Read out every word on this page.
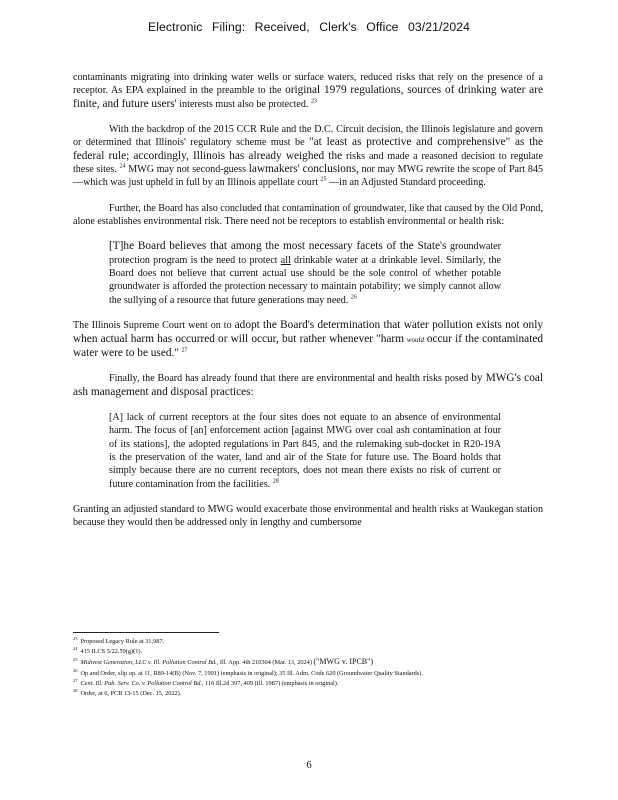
Electronic Filing: Received, Clerk's Office 03/21/2024

contaminants migrating into drinking water wells or surface waters, reduced risks that rely on the presence of a receptor. As EPA explained in the preamble to the original 1979 regulations, sources of drinking water are finite, and future users' interests must also be protected. $^{23}$

With the backdrop of the 2015 CCR Rule and the D.C. Circuit decision, the Illinois legislature and govern or determined that Illinois' regulatory scheme must be "at least as protective and comprehensive" as the federal rule; accordingly, Illinois has already weighed the risks and made a reasoned decision to regulate these sites. $^{24}$ MWG may not second-guess lawmakers' conclusions, nor may MWG rewrite the scope of Part 845 —which was just upheld in full by an Illinois appellate court $^{25}$ —in an Adjusted Standard proceeding.

Further, the Board has also concluded that contamination of groundwater, like that caused by the Old Pond, alone establishes environmental risk. There need not be receptors to establish environmental or health risk:

[T]he Board believes that among the most necessary facets of the State's groundwater protection program is the need to protect all drinkable water at a drinkable level. Similarly, the Board does not believe that current actual use should be the sole control of whether potable groundwater is afforded the protection necessary to maintain potability; we simply cannot allow the sullying of a resource that future generations may need. $^{26}$

The Illinois Supreme Court went on to adopt the Board's determination that water pollution exists not only when actual harm has occurred or will occur, but rather whenever "harm would occur if the contaminated water were to be used." $^{27}$

Finally, the Board has already found that there are environmental and health risks posed by MWG's coal ash management and disposal practices:

[A] lack of current receptors at the four sites does not equate to an absence of environmental harm. The focus of [an] enforcement action [against MWG over coal ash contamination at four of its stations], the adopted regulations in Part 845, and the rulemaking sub-docket in R20-19A is the preservation of the water, land and air of the State for future use. The Board holds that simply because there are no current receptors, does not mean there exists no risk of current or future contamination from the facilities. $^{28}$

Granting an adjusted standard to MWG would exacerbate those environmental and health risks at Waukegan station because they would then be addressed only in lengthy and cumbersome

$^{23}$ Proposed Legacy Rule at 31,987.

$^{24}$ 415 ILCS 5/22.59(g)(1).

$^{25}$ Midwest Generation, LLC v. Ill. Pollution Control Bd., Ill. App. 4th 210304 (Mar. 13, 2024) ("MWG v. IPCB")

$^{26}$ Op and Order, slip op. at 11, R89-14(B) (Nov. 7, 1991) (emphasis in original); 35 Ill. Adm. Code 620 (Groundwater Quality Standards).

$^{27}$ Cent. Ill. Pub. Serv. Co. v. Pollution Control Bd., 116 Ill.2d 397, 409 (Ill. 1987) (emphasis in original).

$^{28}$ Order, at 6, PCB 13-15 (Dec. 15, 2022).

6
